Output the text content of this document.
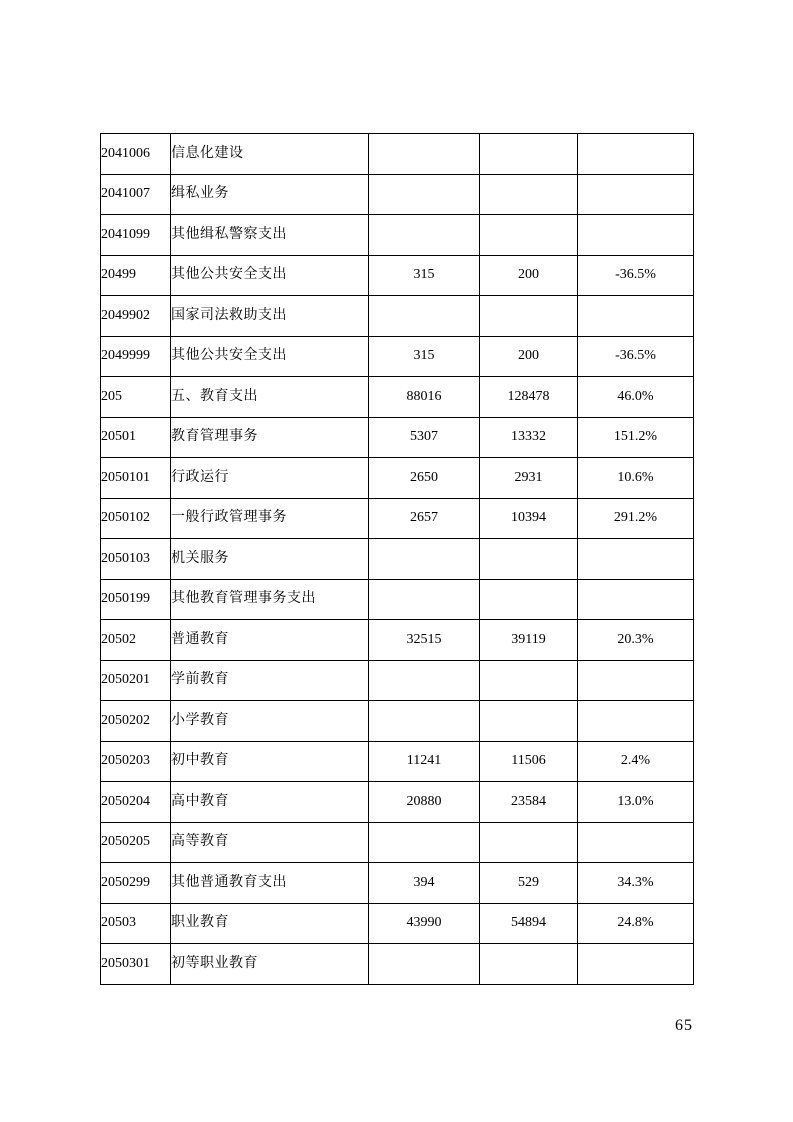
2041006	信息化建设			
2041007	缉私业务			
2041099	其他缉私警察支出			
20499	其他公共安全支出	315	200	-36.5%
2049902	国家司法救助支出			
2049999	其他公共安全支出	315	200	-36.5%
205	五、教育支出	88016	128478	46.0%
20501	教育管理事务	5307	13332	151.2%
2050101	行政运行	2650	2931	10.6%
2050102	一般行政管理事务	2657	10394	291.2%
2050103	机关服务			
2050199	其他教育管理事务支出			
20502	普通教育	32515	39119	20.3%
2050201	学前教育			
2050202	小学教育			
2050203	初中教育	11241	11506	2.4%
2050204	高中教育	20880	23584	13.0%
2050205	高等教育			
2050299	其他普通教育支出	394	529	34.3%
20503	职业教育	43990	54894	24.8%
2050301	初等职业教育			
65
